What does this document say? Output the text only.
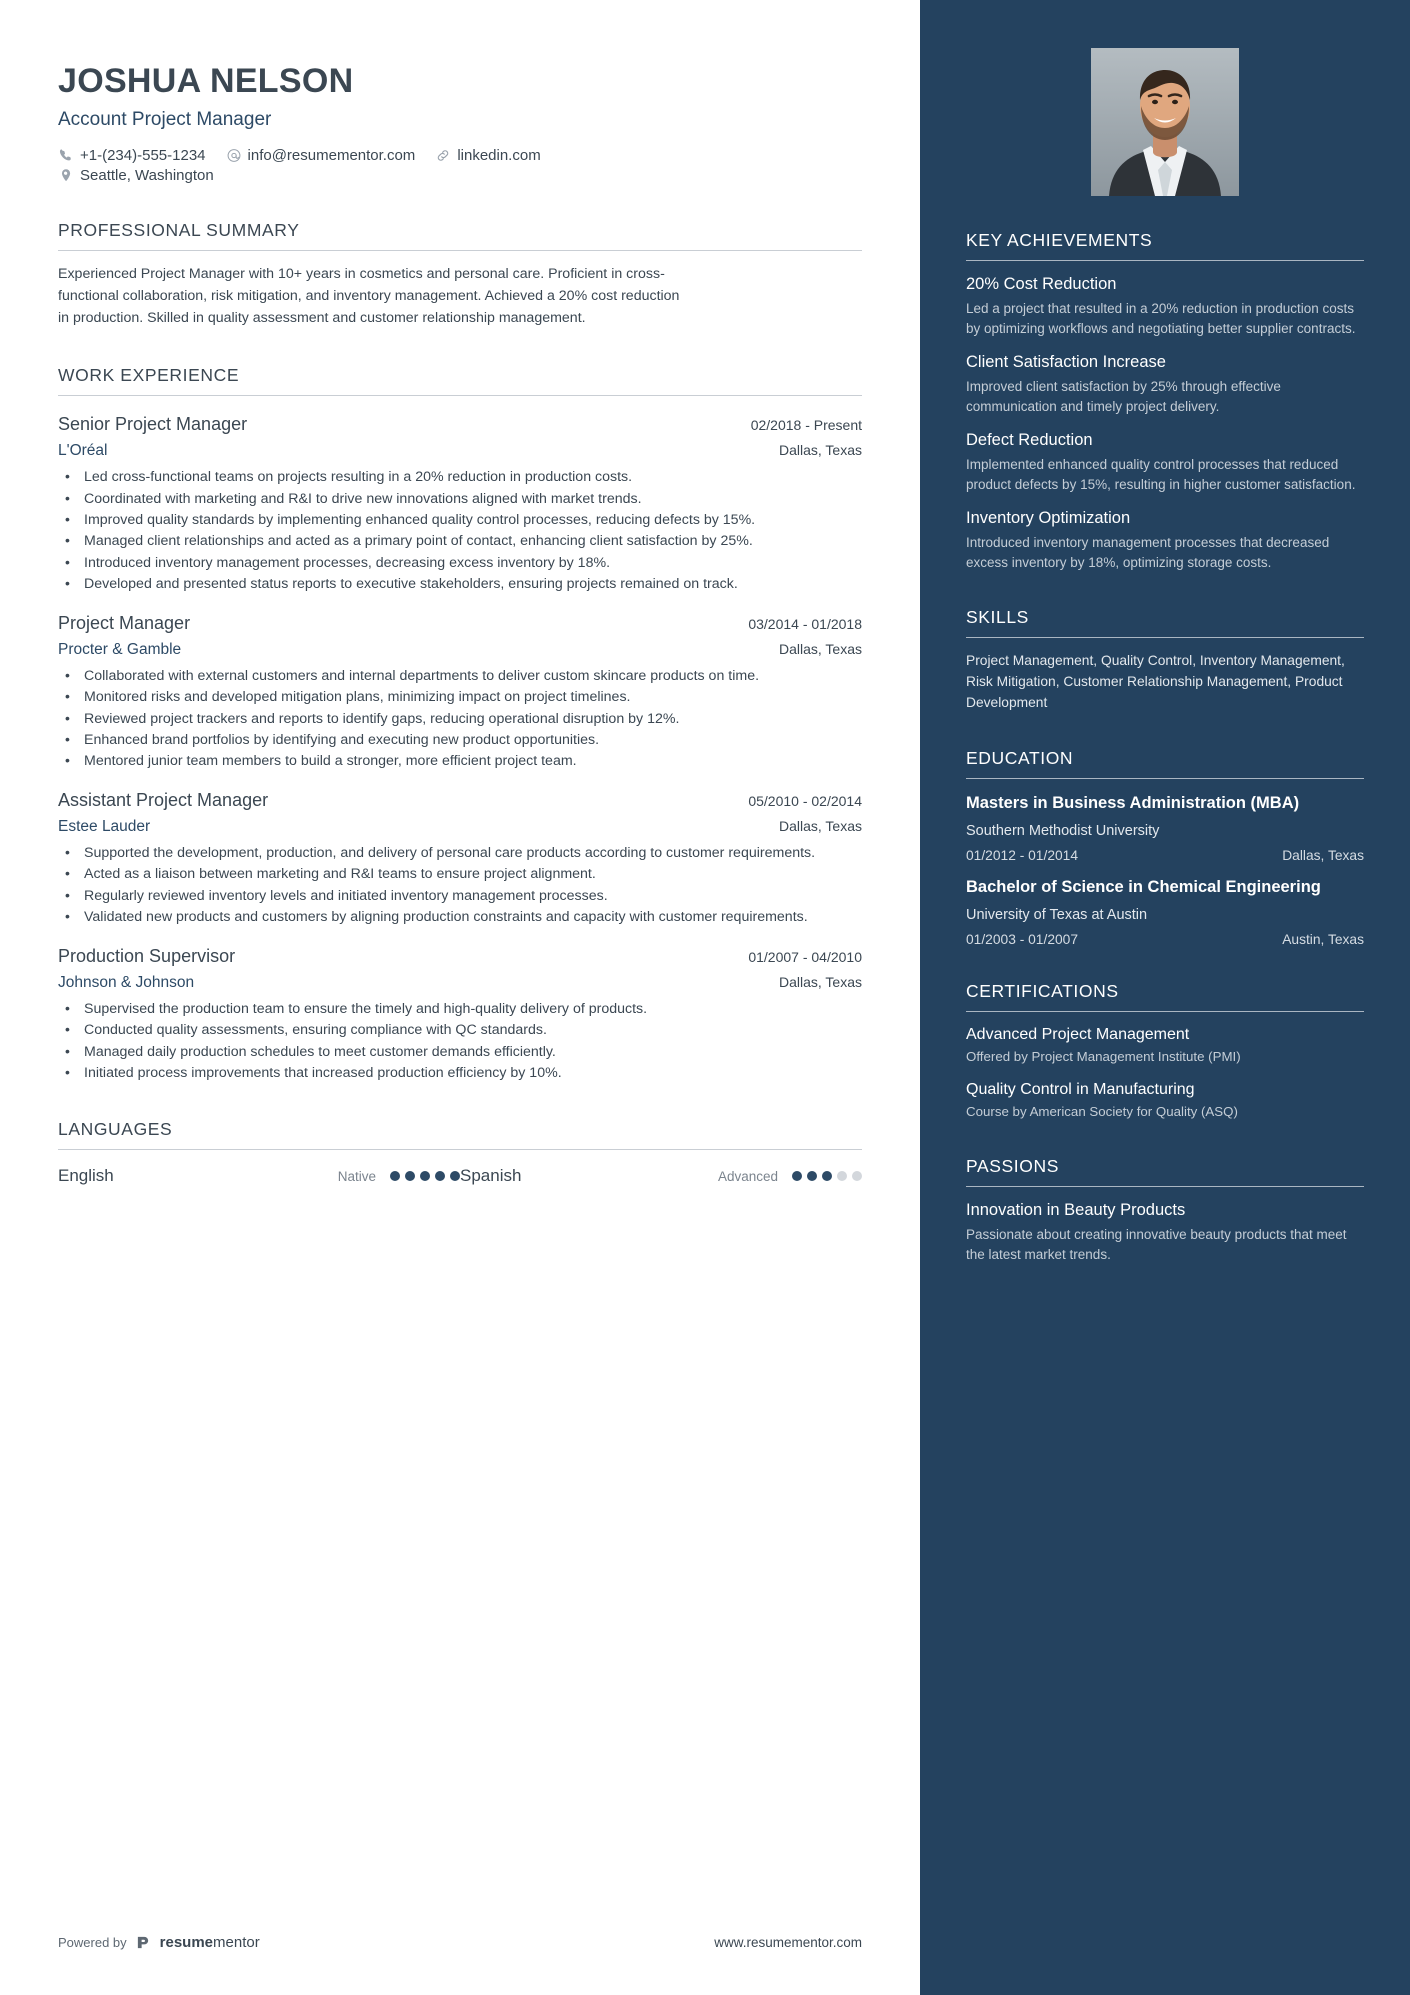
JOSHUA NELSON
Account Project Manager
+1-(234)-555-1234	info@resumementor.com	linkedin.com
Seattle, Washington
PROFESSIONAL SUMMARY
Experienced Project Manager with 10+ years in cosmetics and personal care. Proficient in cross-functional collaboration, risk mitigation, and inventory management. Achieved a 20% cost reduction in production. Skilled in quality assessment and customer relationship management.
WORK EXPERIENCE
Senior Project Manager	02/2018 - Present
L'Oréal	Dallas, Texas
• Led cross-functional teams on projects resulting in a 20% reduction in production costs.
• Coordinated with marketing and R&I to drive new innovations aligned with market trends.
• Improved quality standards by implementing enhanced quality control processes, reducing defects by 15%.
• Managed client relationships and acted as a primary point of contact, enhancing client satisfaction by 25%.
• Introduced inventory management processes, decreasing excess inventory by 18%.
• Developed and presented status reports to executive stakeholders, ensuring projects remained on track.
Project Manager	03/2014 - 01/2018
Procter & Gamble	Dallas, Texas
• Collaborated with external customers and internal departments to deliver custom skincare products on time.
• Monitored risks and developed mitigation plans, minimizing impact on project timelines.
• Reviewed project trackers and reports to identify gaps, reducing operational disruption by 12%.
• Enhanced brand portfolios by identifying and executing new product opportunities.
• Mentored junior team members to build a stronger, more efficient project team.
Assistant Project Manager	05/2010 - 02/2014
Estee Lauder	Dallas, Texas
• Supported the development, production, and delivery of personal care products according to customer requirements.
• Acted as a liaison between marketing and R&I teams to ensure project alignment.
• Regularly reviewed inventory levels and initiated inventory management processes.
• Validated new products and customers by aligning production constraints and capacity with customer requirements.
Production Supervisor	01/2007 - 04/2010
Johnson & Johnson	Dallas, Texas
• Supervised the production team to ensure the timely and high-quality delivery of products.
• Conducted quality assessments, ensuring compliance with QC standards.
• Managed daily production schedules to meet customer demands efficiently.
• Initiated process improvements that increased production efficiency by 10%.
LANGUAGES
English	Native	Spanish	Advanced
Powered by resumementor	www.resumementor.com
KEY ACHIEVEMENTS
20% Cost Reduction
Led a project that resulted in a 20% reduction in production costs by optimizing workflows and negotiating better supplier contracts.
Client Satisfaction Increase
Improved client satisfaction by 25% through effective communication and timely project delivery.
Defect Reduction
Implemented enhanced quality control processes that reduced product defects by 15%, resulting in higher customer satisfaction.
Inventory Optimization
Introduced inventory management processes that decreased excess inventory by 18%, optimizing storage costs.
SKILLS
Project Management, Quality Control, Inventory Management, Risk Mitigation, Customer Relationship Management, Product Development
EDUCATION
Masters in Business Administration (MBA)
Southern Methodist University
01/2012 - 01/2014	Dallas, Texas
Bachelor of Science in Chemical Engineering
University of Texas at Austin
01/2003 - 01/2007	Austin, Texas
CERTIFICATIONS
Advanced Project Management
Offered by Project Management Institute (PMI)
Quality Control in Manufacturing
Course by American Society for Quality (ASQ)
PASSIONS
Innovation in Beauty Products
Passionate about creating innovative beauty products that meet the latest market trends.
